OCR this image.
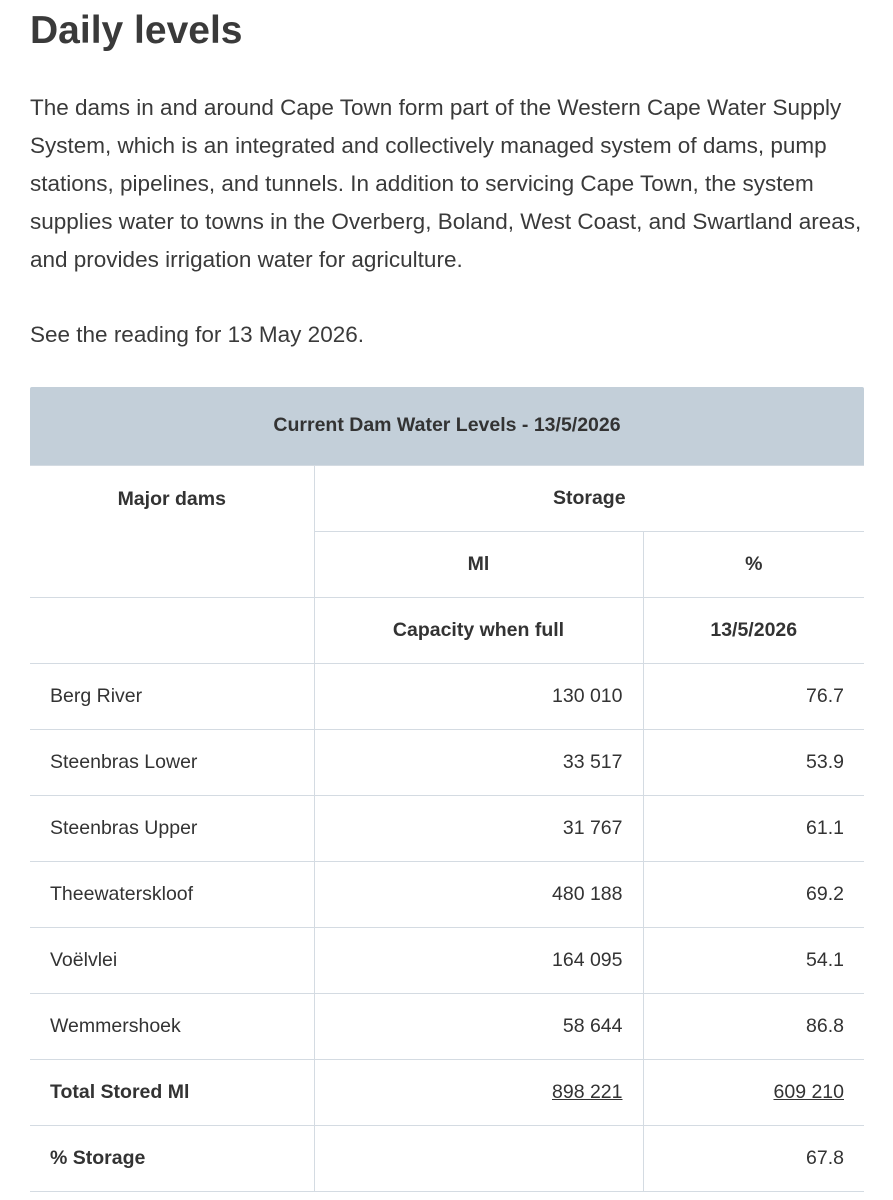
Daily levels

The dams in and around Cape Town form part of the Western Cape Water Supply System, which is an integrated and collectively managed system of dams, pump stations, pipelines, and tunnels. In addition to servicing Cape Town, the system supplies water to towns in the Overberg, Boland, West Coast, and Swartland areas, and provides irrigation water for agriculture.

See the reading for 13 May 2026.

Current Dam Water Levels - 13/5/2026		
Major dams	Storage	
	Ml	%
	Capacity when full	13/5/2026
Berg River	130 010	76.7
Steenbras Lower	33 517	53.9
Steenbras Upper	31 767	61.1
Theewaterskloof	480 188	69.2
Voëlvlei	164 095	54.1
Wemmershoek	58 644	86.8
Total Stored Ml	898 221	609 210
% Storage		67.8
